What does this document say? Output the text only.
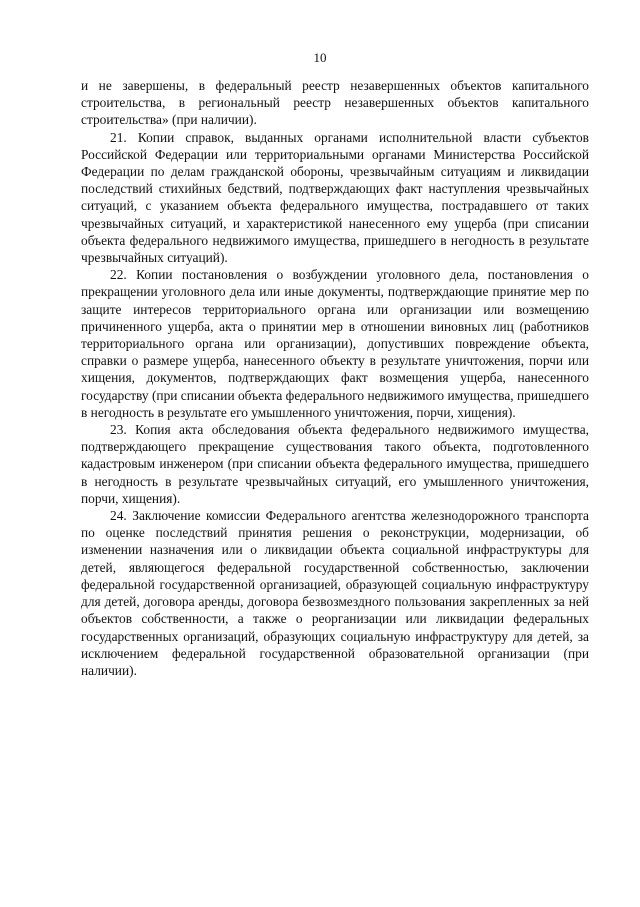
10

и не завершены, в федеральный реестр незавершенных объектов капитального строительства, в региональный реестр незавершенных объектов капитального строительства» (при наличии).

21. Копии справок, выданных органами исполнительной власти субъектов Российской Федерации или территориальными органами Министерства Российской Федерации по делам гражданской обороны, чрезвычайным ситуациям и ликвидации последствий стихийных бедствий, подтверждающих факт наступления чрезвычайных ситуаций, с указанием объекта федерального имущества, пострадавшего от таких чрезвычайных ситуаций, и характеристикой нанесенного ему ущерба (при списании объекта федерального недвижимого имущества, пришедшего в негодность в результате чрезвычайных ситуаций).

22. Копии постановления о возбуждении уголовного дела, постановления о прекращении уголовного дела или иные документы, подтверждающие принятие мер по защите интересов территориального органа или организации или возмещению причиненного ущерба, акта о принятии мер в отношении виновных лиц (работников территориального органа или организации), допустивших повреждение объекта, справки о размере ущерба, нанесенного объекту в результате уничтожения, порчи или хищения, документов, подтверждающих факт возмещения ущерба, нанесенного государству (при списании объекта федерального недвижимого имущества, пришедшего в негодность в результате его умышленного уничтожения, порчи, хищения).

23. Копия акта обследования объекта федерального недвижимого имущества, подтверждающего прекращение существования такого объекта, подготовленного кадастровым инженером (при списании объекта федерального имущества, пришедшего в негодность в результате чрезвычайных ситуаций, его умышленного уничтожения, порчи, хищения).

24. Заключение комиссии Федерального агентства железнодорожного транспорта по оценке последствий принятия решения о реконструкции, модернизации, об изменении назначения или о ликвидации объекта социальной инфраструктуры для детей, являющегося федеральной государственной собственностью, заключении федеральной государственной организацией, образующей социальную инфраструктуру для детей, договора аренды, договора безвозмездного пользования закрепленных за ней объектов собственности, а также о реорганизации или ликвидации федеральных государственных организаций, образующих социальную инфраструктуру для детей, за исключением федеральной государственной образовательной организации (при наличии).
